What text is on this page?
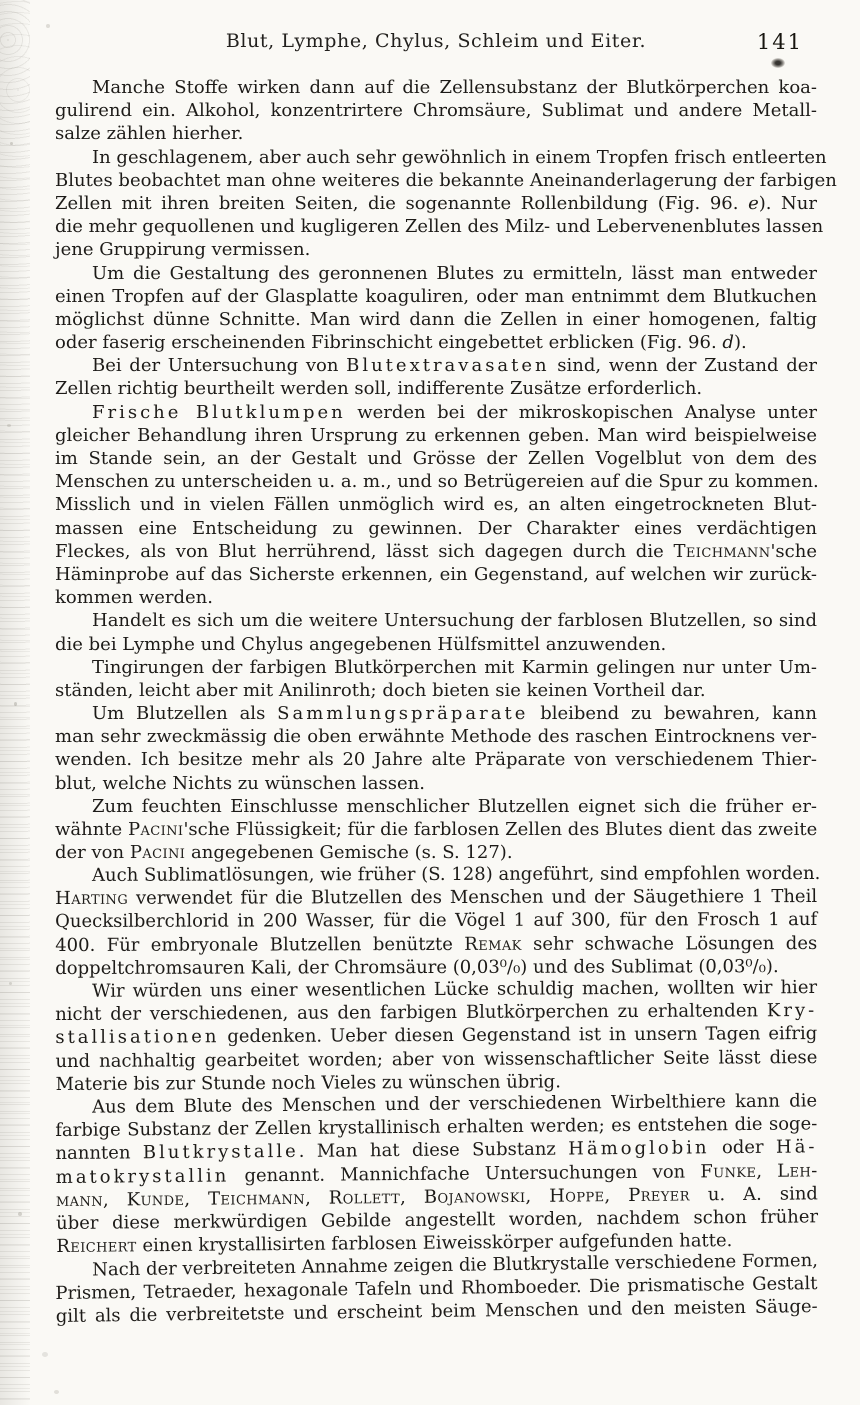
Blut, Lymphe, Chylus, Schleim und Eiter.	141
Manche Stoffe wirken dann auf die Zellensubstanz der Blutkörperchen koa-
gulirend ein. Alkohol, konzentrirtere Chromsäure, Sublimat und andere Metall-
salze zählen hierher.
In geschlagenem, aber auch sehr gewöhnlich in einem Tropfen frisch entleerten
Blutes beobachtet man ohne weiteres die bekannte Aneinanderlagerung der farbigen
Zellen mit ihren breiten Seiten, die sogenannte Rollenbildung (Fig. 96. e). Nur
die mehr gequollenen und kugligeren Zellen des Milz- und Lebervenenblutes lassen
jene Gruppirung vermissen.
Um die Gestaltung des geronnenen Blutes zu ermitteln, lässt man entweder
einen Tropfen auf der Glasplatte koaguliren, oder man entnimmt dem Blutkuchen
möglichst dünne Schnitte. Man wird dann die Zellen in einer homogenen, faltig
oder faserig erscheinenden Fibrinschicht eingebettet erblicken (Fig. 96. d).
Bei der Untersuchung von Blutextravasaten sind, wenn der Zustand der
Zellen richtig beurtheilt werden soll, indifferente Zusätze erforderlich.
Frische Blutklumpen werden bei der mikroskopischen Analyse unter
gleicher Behandlung ihren Ursprung zu erkennen geben. Man wird beispielweise
im Stande sein, an der Gestalt und Grösse der Zellen Vogelblut von dem des
Menschen zu unterscheiden u. a. m., und so Betrügereien auf die Spur zu kommen.
Misslich und in vielen Fällen unmöglich wird es, an alten eingetrockneten Blut-
massen eine Entscheidung zu gewinnen. Der Charakter eines verdächtigen
Fleckes, als von Blut herrührend, lässt sich dagegen durch die Teichmann'sche
Häminprobe auf das Sicherste erkennen, ein Gegenstand, auf welchen wir zurück-
kommen werden.
Handelt es sich um die weitere Untersuchung der farblosen Blutzellen, so sind
die bei Lymphe und Chylus angegebenen Hülfsmittel anzuwenden.
Tingirungen der farbigen Blutkörperchen mit Karmin gelingen nur unter Um-
ständen, leicht aber mit Anilinroth; doch bieten sie keinen Vortheil dar.
Um Blutzellen als Sammlungspräparate bleibend zu bewahren, kann
man sehr zweckmässig die oben erwähnte Methode des raschen Eintrocknens ver-
wenden. Ich besitze mehr als 20 Jahre alte Präparate von verschiedenem Thier-
blut, welche Nichts zu wünschen lassen.
Zum feuchten Einschlusse menschlicher Blutzellen eignet sich die früher er-
wähnte Pacini'sche Flüssigkeit; für die farblosen Zellen des Blutes dient das zweite
der von Pacini angegebenen Gemische (s. S. 127).
Auch Sublimatlösungen, wie früher (S. 128) angeführt, sind empfohlen worden.
Harting verwendet für die Blutzellen des Menschen und der Säugethiere 1 Theil
Quecksilberchlorid in 200 Wasser, für die Vögel 1 auf 300, für den Frosch 1 auf
400. Für embryonale Blutzellen benützte Remak sehr schwache Lösungen des
doppeltchromsauren Kali, der Chromsäure (0,03⁰/₀) und des Sublimat (0,03⁰/₀).
Wir würden uns einer wesentlichen Lücke schuldig machen, wollten wir hier
nicht der verschiedenen, aus den farbigen Blutkörperchen zu erhaltenden Kry-
stallisationen gedenken. Ueber diesen Gegenstand ist in unsern Tagen eifrig
und nachhaltig gearbeitet worden; aber von wissenschaftlicher Seite lässt diese
Materie bis zur Stunde noch Vieles zu wünschen übrig.
Aus dem Blute des Menschen und der verschiedenen Wirbelthiere kann die
farbige Substanz der Zellen krystallinisch erhalten werden; es entstehen die soge-
nannten Blutkrystalle. Man hat diese Substanz Hämoglobin oder Hä-
matokrystallin genannt. Mannichfache Untersuchungen von Funke, Leh-
mann, Kunde, Teichmann, Rollett, Bojanowski, Hoppe, Preyer u. A. sind
über diese merkwürdigen Gebilde angestellt worden, nachdem schon früher
Reichert einen krystallisirten farblosen Eiweisskörper aufgefunden hatte.
Nach der verbreiteten Annahme zeigen die Blutkrystalle verschiedene Formen,
Prismen, Tetraeder, hexagonale Tafeln und Rhomboeder. Die prismatische Gestalt
gilt als die verbreitetste und erscheint beim Menschen und den meisten Säuge-
